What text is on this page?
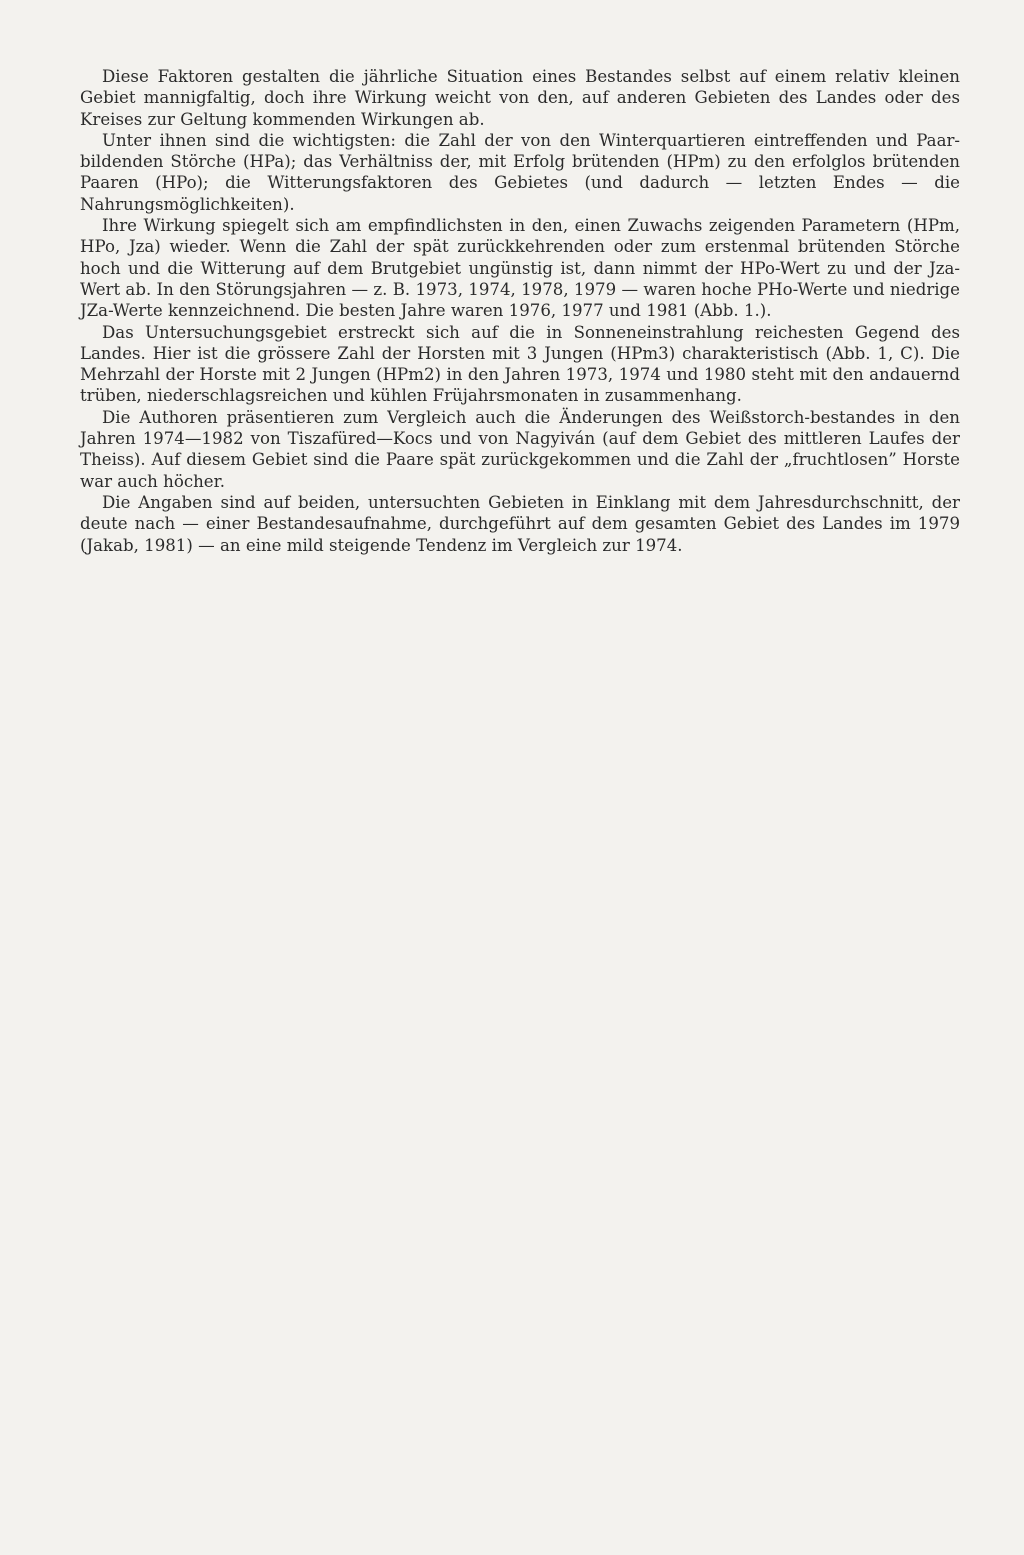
Diese Faktoren gestalten die jährliche Situation eines Bestandes selbst auf einem relativ kleinen Gebiet mannigfaltig, doch ihre Wirkung weicht von den, auf anderen Gebieten des Landes oder des Kreises zur Geltung kommenden Wirkungen ab.

Unter ihnen sind die wichtigsten: die Zahl der von den Winterquartieren eintreffenden und Paar-bildenden Störche (HPa); das Verhältniss der, mit Erfolg brütenden (HPm) zu den erfolglos brütenden Paaren (HPo); die Witterungsfaktoren des Gebietes (und dadurch — letzten Endes — die Nahrungsmöglichkeiten).

Ihre Wirkung spiegelt sich am empfindlichsten in den, einen Zuwachs zeigenden Parametern (HPm, HPo, Jza) wieder. Wenn die Zahl der spät zurückkehrenden oder zum erstenmal brütenden Störche hoch und die Witterung auf dem Brutgebiet ungünstig ist, dann nimmt der HPo-Wert zu und der Jza-Wert ab. In den Störungsjahren — z. B. 1973, 1974, 1978, 1979 — waren hoche PHo-Werte und niedrige JZa-Werte kennzeichnend. Die besten Jahre waren 1976, 1977 und 1981 (Abb. 1.).

Das Untersuchungsgebiet erstreckt sich auf die in Sonneneinstrahlung reichesten Gegend des Landes. Hier ist die grössere Zahl der Horsten mit 3 Jungen (HPm3) charakteristisch (Abb. 1, C). Die Mehrzahl der Horste mit 2 Jungen (HPm2) in den Jahren 1973, 1974 und 1980 steht mit den andauernd trüben, niederschlagsreichen und kühlen Früjahrsmonaten in zusammenhang.

Die Authoren präsentieren zum Vergleich auch die Änderungen des Weißstorch-bestandes in den Jahren 1974—1982 von Tiszafüred—Kocs und von Nagyiván (auf dem Gebiet des mittleren Laufes der Theiss). Auf diesem Gebiet sind die Paare spät zurückgekommen und die Zahl der „fruchtlosen” Horste war auch höcher.

Die Angaben sind auf beiden, untersuchten Gebieten in Einklang mit dem Jahresdurchschnitt, der deute nach — einer Bestandesaufnahme, durchgeführt auf dem gesamten Gebiet des Landes im 1979 (Jakab, 1981) — an eine mild steigende Tendenz im Vergleich zur 1974.
